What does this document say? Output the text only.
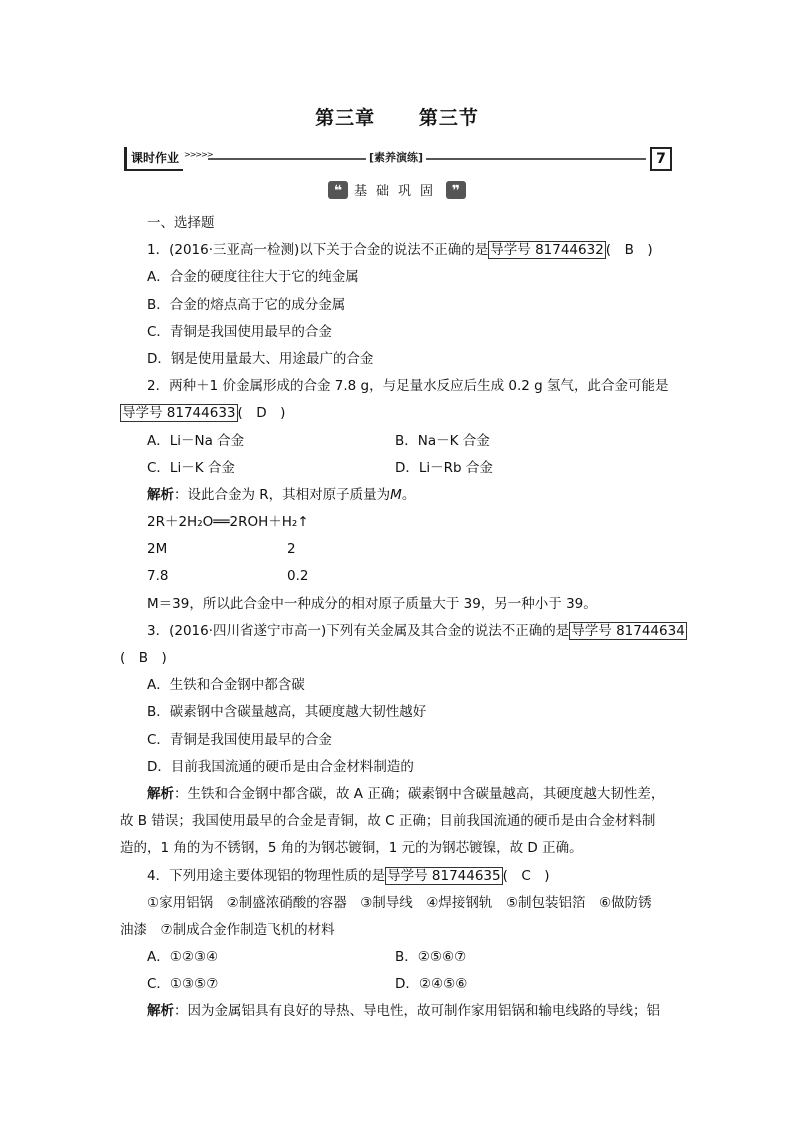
第三章 第三节
课时作业 >>>>>	[素养演练]	7
❝ 基础巩固 ❞
一、选择题
1．(2016·三亚高一检测)以下关于合金的说法不正确的是 导学号 81744632 (　B　)
A．合金的硬度往往大于它的纯金属
B．合金的熔点高于它的成分金属
C．青铜是我国使用最早的合金
D．钢是使用量最大、用途最广的合金
2．两种＋1 价金属形成的合金 7.8 g，与足量水反应后生成 0.2 g 氢气，此合金可能是
导学号 81744633 (　D　)
A．Li－Na 合金	B．Na－K 合金
C．Li－K 合金	D．Li－Rb 合金
解析：设此合金为 R，其相对原子质量为M。
2R＋2H₂O══2ROH＋H₂↑
2M	2
7.8	0.2
M＝39，所以此合金中一种成分的相对原子质量大于 39，另一种小于 39。
3．(2016·四川省遂宁市高一)下列有关金属及其合金的说法不正确的是 导学号 81744634
(　B　)
A．生铁和合金钢中都含碳
B．碳素钢中含碳量越高，其硬度越大韧性越好
C．青铜是我国使用最早的合金
D．目前我国流通的硬币是由合金材料制造的
解析：生铁和合金钢中都含碳，故 A 正确；碳素钢中含碳量越高，其硬度越大韧性差，
故 B 错误；我国使用最早的合金是青铜，故 C 正确；目前我国流通的硬币是由合金材料制
造的，1 角的为不锈钢，5 角的为钢芯镀铜，1 元的为钢芯镀镍，故 D 正确。
4．下列用途主要体现铝的物理性质的是 导学号 81744635 (　C　)
①家用铝锅　②制盛浓硝酸的容器　③制导线　④焊接钢轨　⑤制包装铝箔　⑥做防锈
油漆　⑦制成合金作制造飞机的材料
A．①②③④	B．②⑤⑥⑦
C．①③⑤⑦	D．②④⑤⑥
解析：因为金属铝具有良好的导热、导电性，故可制作家用铝锅和输电线路的导线；铝
